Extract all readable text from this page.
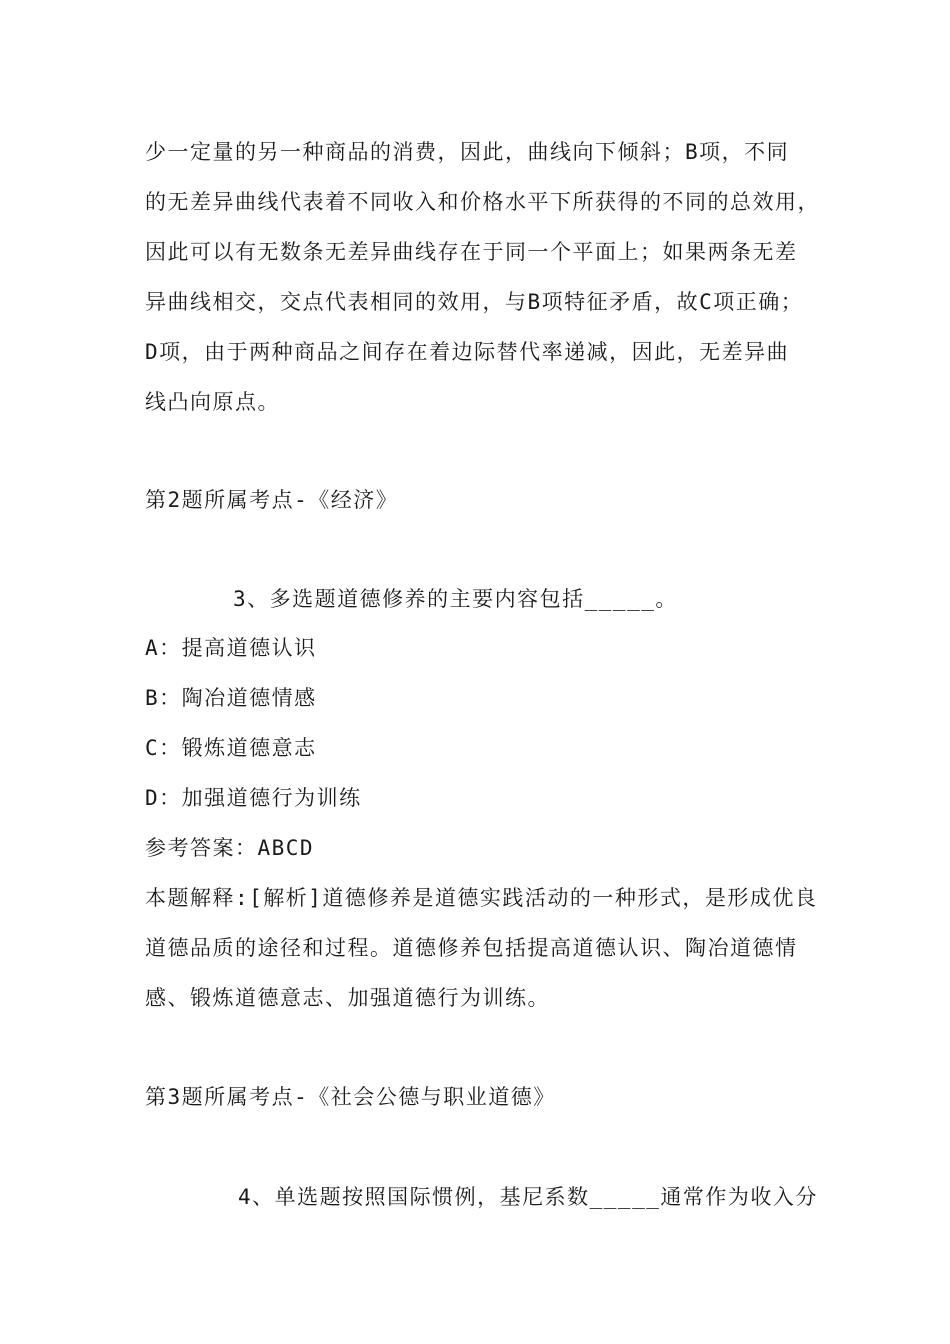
少一定量的另一种商品的消费，因此，曲线向下倾斜；B项，不同
的无差异曲线代表着不同收入和价格水平下所获得的不同的总效用，
因此可以有无数条无差异曲线存在于同一个平面上；如果两条无差
异曲线相交，交点代表相同的效用，与B项特征矛盾，故C项正确；
D项，由于两种商品之间存在着边际替代率递减，因此，无差异曲
线凸向原点。
第2题所属考点-《经济》
3、多选题道德修养的主要内容包括_____。
A：提高道德认识
B：陶冶道德情感
C：锻炼道德意志
D：加强道德行为训练
参考答案：ABCD
本题解释:[解析]道德修养是道德实践活动的一种形式，是形成优良
道德品质的途径和过程。道德修养包括提高道德认识、陶冶道德情
感、锻炼道德意志、加强道德行为训练。
第3题所属考点-《社会公德与职业道德》
4、单选题按照国际惯例，基尼系数_____通常作为收入分
